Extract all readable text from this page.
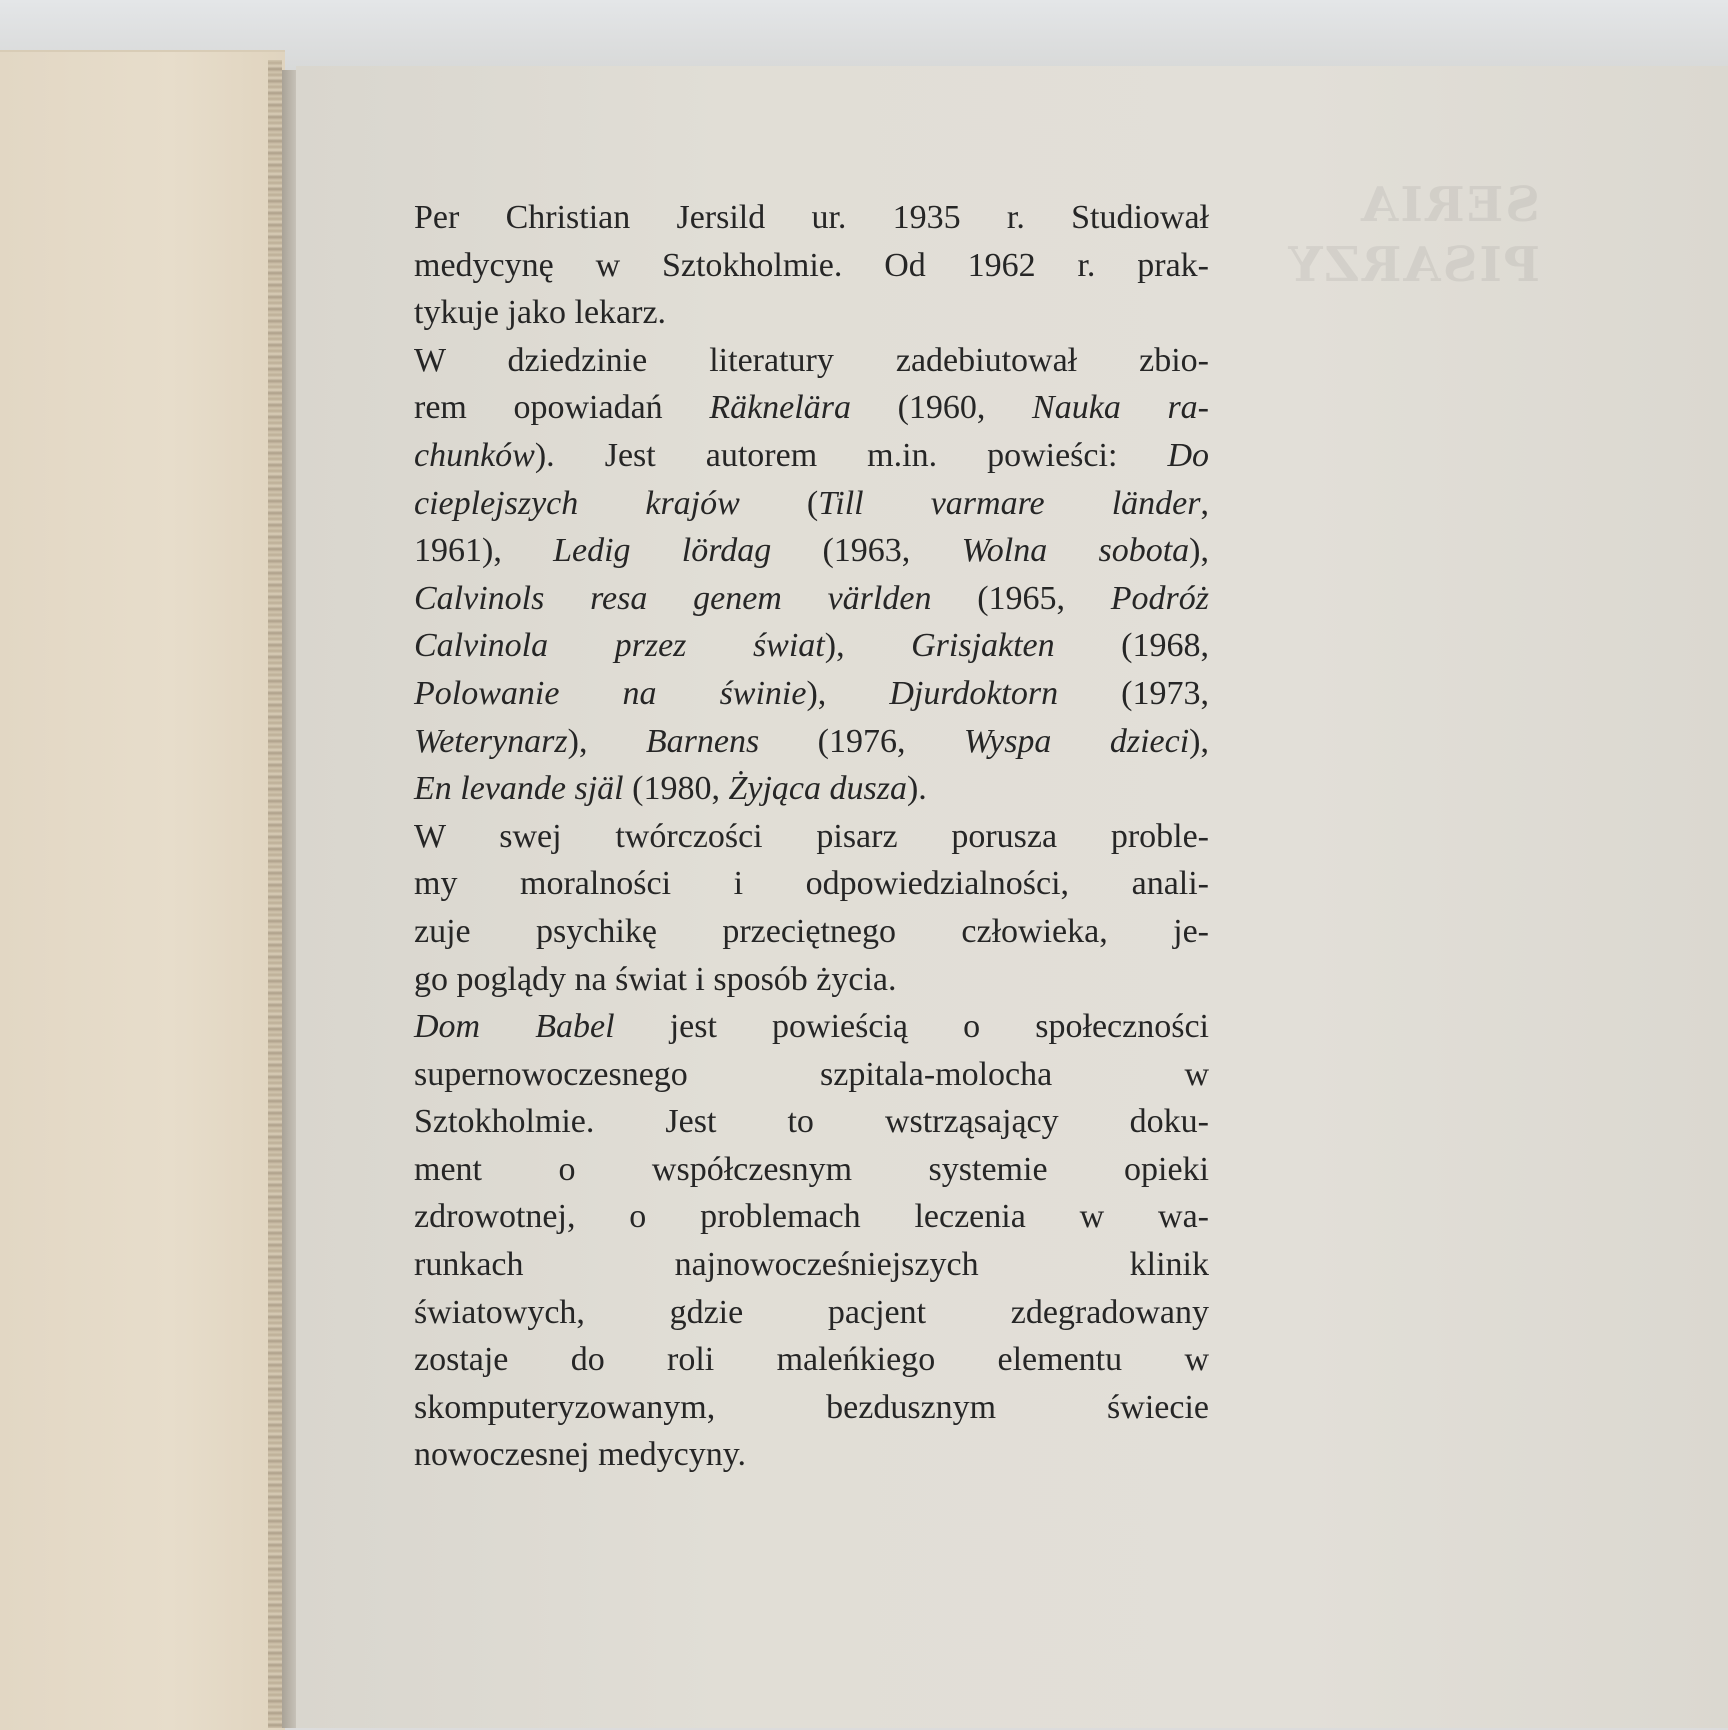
SERIA
PISARZY
Per Christian Jersild ur. 1935 r. Studiował
medycynę w Sztokholmie. Od 1962 r. prak-
tykuje jako lekarz.
W dziedzinie literatury zadebiutował zbio-
rem opowiadań Räknelära (1960, Nauka ra-
chunków). Jest autorem m.in. powieści: Do
cieplejszych krajów (Till varmare länder,
1961), Ledig lördag (1963, Wolna sobota),
Calvinols resa genem världen (1965, Podróż
Calvinola przez świat), Grisjakten (1968,
Polowanie na świnie), Djurdoktorn (1973,
Weterynarz), Barnens (1976, Wyspa dzieci),
En levande själ (1980, Żyjąca dusza).
W swej twórczości pisarz porusza proble-
my moralności i odpowiedzialności, anali-
zuje psychikę przeciętnego człowieka, je-
go poglądy na świat i sposób życia.
Dom Babel jest powieścią o społeczności
supernowoczesnego szpitala-molocha w
Sztokholmie. Jest to wstrząsający doku-
ment o współczesnym systemie opieki
zdrowotnej, o problemach leczenia w wa-
runkach najnowocześniejszych klinik
światowych, gdzie pacjent zdegradowany
zostaje do roli maleńkiego elementu w
skomputeryzowanym, bezdusznym świecie
nowoczesnej medycyny.
